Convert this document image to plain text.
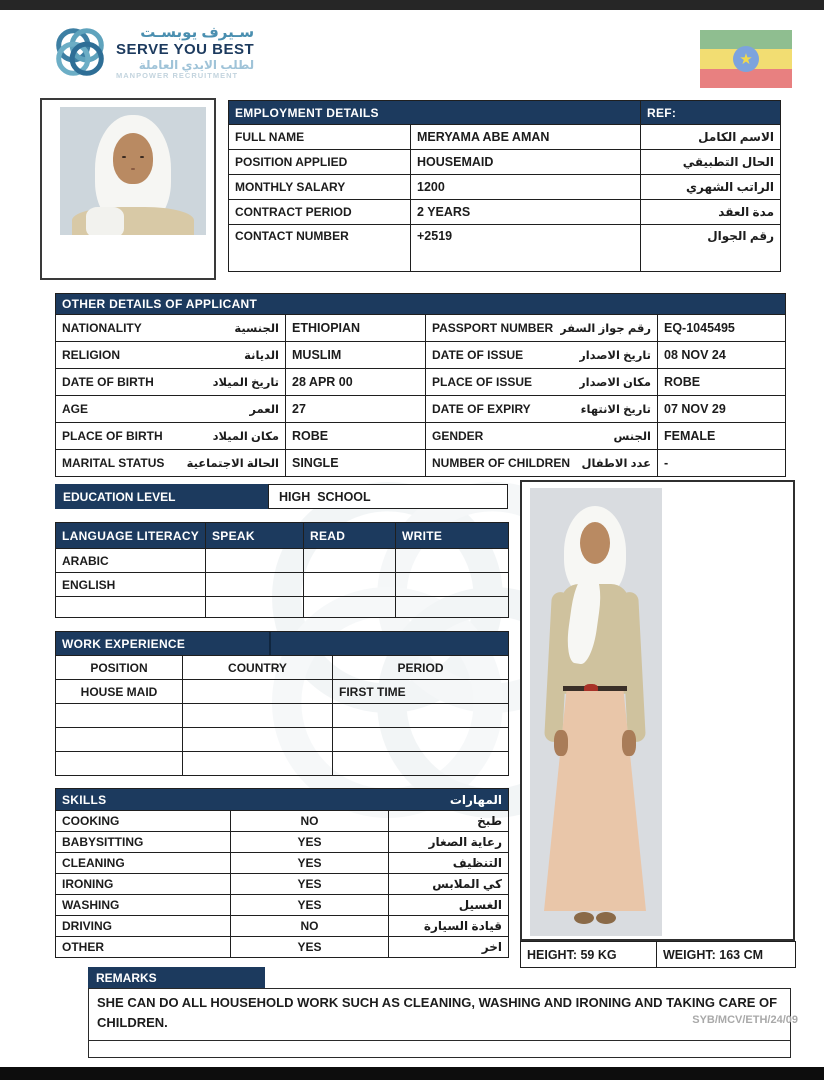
سـيرف يوبسـت
SERVE YOU BEST
لطلب الايدي العاملة
MANPOWER RECRUITMENT
★
EMPLOYMENT DETAILS		REF:
FULL NAME	MERYAMA ABE AMAN	الاسم الكامل
POSITION APPLIED	HOUSEMAID	الحال التطبيقي
MONTHLY SALARY	1200	الراتب الشهري
CONTRACT PERIOD	2 YEARS	مدة العقد
CONTACT NUMBER	+2519	رقم الجوال
OTHER DETAILS OF APPLICANT			

NATIONALITY الجنسية	ETHIOPIAN	PASSPORT NUMBER رقم جواز السفر	EQ-1045495

RELIGION الديانة	MUSLIM	DATE OF ISSUE تاريخ الاصدار	08 NOV 24

DATE OF BIRTH تاريخ الميلاد	28 APR 00	PLACE OF ISSUE مكان الاصدار	ROBE

AGE العمر	27	DATE OF EXPIRY تاريخ الانتهاء	07 NOV 29

PLACE OF BIRTH مكان الميلاد	ROBE	GENDER الجنس	FEMALE

MARITAL STATUS الحالة الاجتماعية	SINGLE	NUMBER OF CHILDREN عدد الاطفال	-
EDUCATION LEVEL	HIGH  SCHOOL
LANGUAGE LITERACY	SPEAK	READ	WRITE
ARABIC			
ENGLISH			

WORK EXPERIENCE		

POSITION	COUNTRY	PERIOD
HOUSE MAID		FIRST TIME

SKILLS المهارات		

COOKING	NO	طبخ
BABYSITTING	YES	رعاية الصغار
CLEANING	YES	التنظيف
IRONING	YES	كي الملابس
WASHING	YES	الغسيل
DRIVING	NO	قيادة السيارة
OTHER	YES	اخر
HEIGHT: 59 KG	WEIGHT: 163 CM
REMARKS
SHE CAN DO ALL HOUSEHOLD WORK SUCH AS CLEANING, WASHING AND IRONING AND TAKING CARE OF CHILDREN.	SYB/MCV/ETH/24/09
